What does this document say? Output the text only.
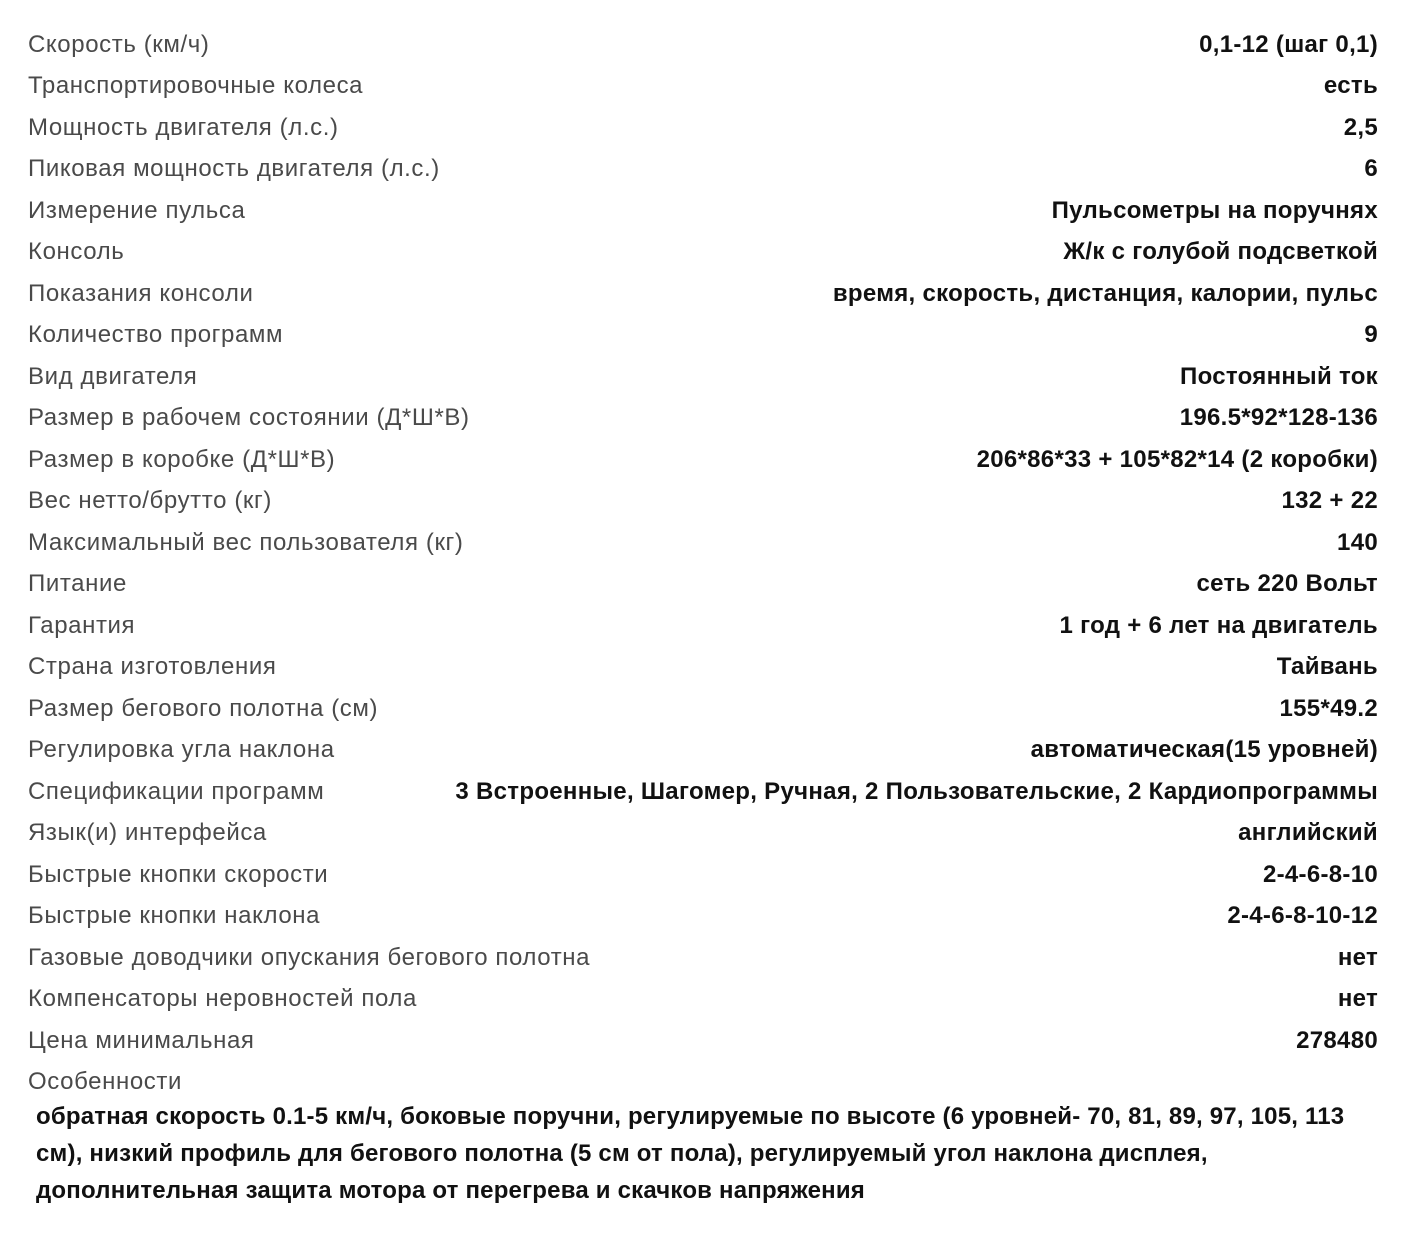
Скорость (км/ч)	0,1-12 (шаг 0,1)
Транспортировочные колеса	есть
Мощность двигателя (л.с.)	2,5
Пиковая мощность двигателя (л.с.)	6
Измерение пульса	Пульсометры на поручнях
Консоль	Ж/к с голубой подсветкой
Показания консоли	время, скорость, дистанция, калории, пульс
Количество программ	9
Вид двигателя	Постоянный ток
Размер в рабочем состоянии (Д*Ш*В)	196.5*92*128-136
Размер в коробке (Д*Ш*В)	206*86*33 + 105*82*14 (2 коробки)
Вес нетто/брутто (кг)	132 + 22
Максимальный вес пользователя (кг)	140
Питание	сеть 220 Вольт
Гарантия	1 год + 6 лет на двигатель
Страна изготовления	Тайвань
Размер бегового полотна (см)	155*49.2
Регулировка угла наклона	автоматическая(15 уровней)
Спецификации программ	3 Встроенные, Шагомер, Ручная, 2 Пользовательские, 2 Кардиопрограммы
Язык(и) интерфейса	английский
Быстрые кнопки скорости	2-4-6-8-10
Быстрые кнопки наклона	2-4-6-8-10-12
Газовые доводчики опускания бегового полотна	нет
Компенсаторы неровностей пола	нет
Цена минимальная	278480
Особенности
обратная скорость 0.1-5 км/ч, боковые поручни, регулируемые по высоте (6 уровней- 70, 81, 89, 97, 105, 113 см), низкий профиль для бегового полотна (5 см от пола), регулируемый угол наклона дисплея, дополнительная защита мотора от перегрева и скачков напряжения
